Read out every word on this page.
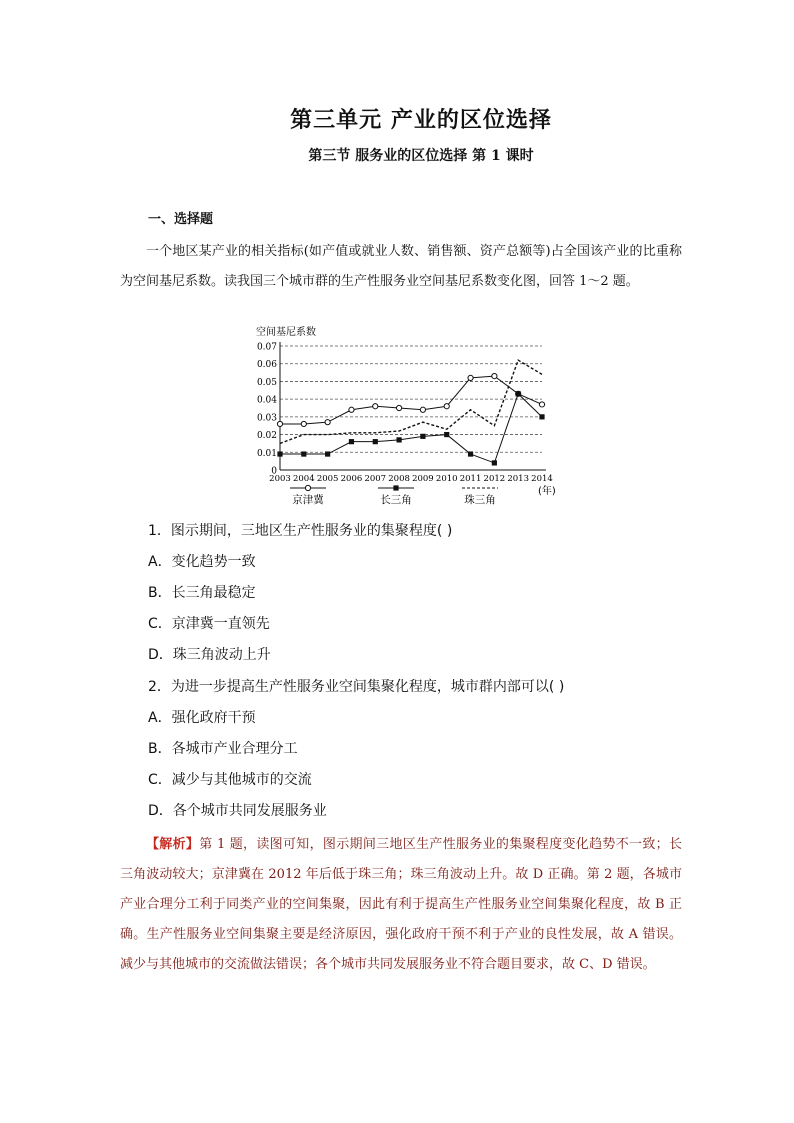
第三单元 产业的区位选择
第三节 服务业的区位选择 第 1 课时
一、选择题
一个地区某产业的相关指标(如产值或就业人数、销售额、资产总额等)占全国该产业的比重称为空间基尼系数。读我国三个城市群的生产性服务业空间基尼系数变化图，回答 1～2 题。
空间基尼系数
(年)
0
0.01
0.02
0.03
0.04
0.05
0.06
0.07
2003 2004 2005 2006 2007 2008 2009 2010 2011 2012 2013 2014
京津冀	长三角	珠三角
1．图示期间，三地区生产性服务业的集聚程度( )
A．变化趋势一致
B．长三角最稳定
C．京津冀一直领先
D．珠三角波动上升
2．为进一步提高生产性服务业空间集聚化程度，城市群内部可以( )
A．强化政府干预
B．各城市产业合理分工
C．减少与其他城市的交流
D．各个城市共同发展服务业
【解析】第 1 题，读图可知，图示期间三地区生产性服务业的集聚程度变化趋势不一致；长三角波动较大；京津冀在 2012 年后低于珠三角；珠三角波动上升。故 D 正确。第 2 题，各城市产业合理分工利于同类产业的空间集聚，因此有利于提高生产性服务业空间集聚化程度，故 B 正确。生产性服务业空间集聚主要是经济原因，强化政府干预不利于产业的良性发展，故 A 错误。减少与其他城市的交流做法错误；各个城市共同发展服务业不符合题目要求，故 C、D 错误。
